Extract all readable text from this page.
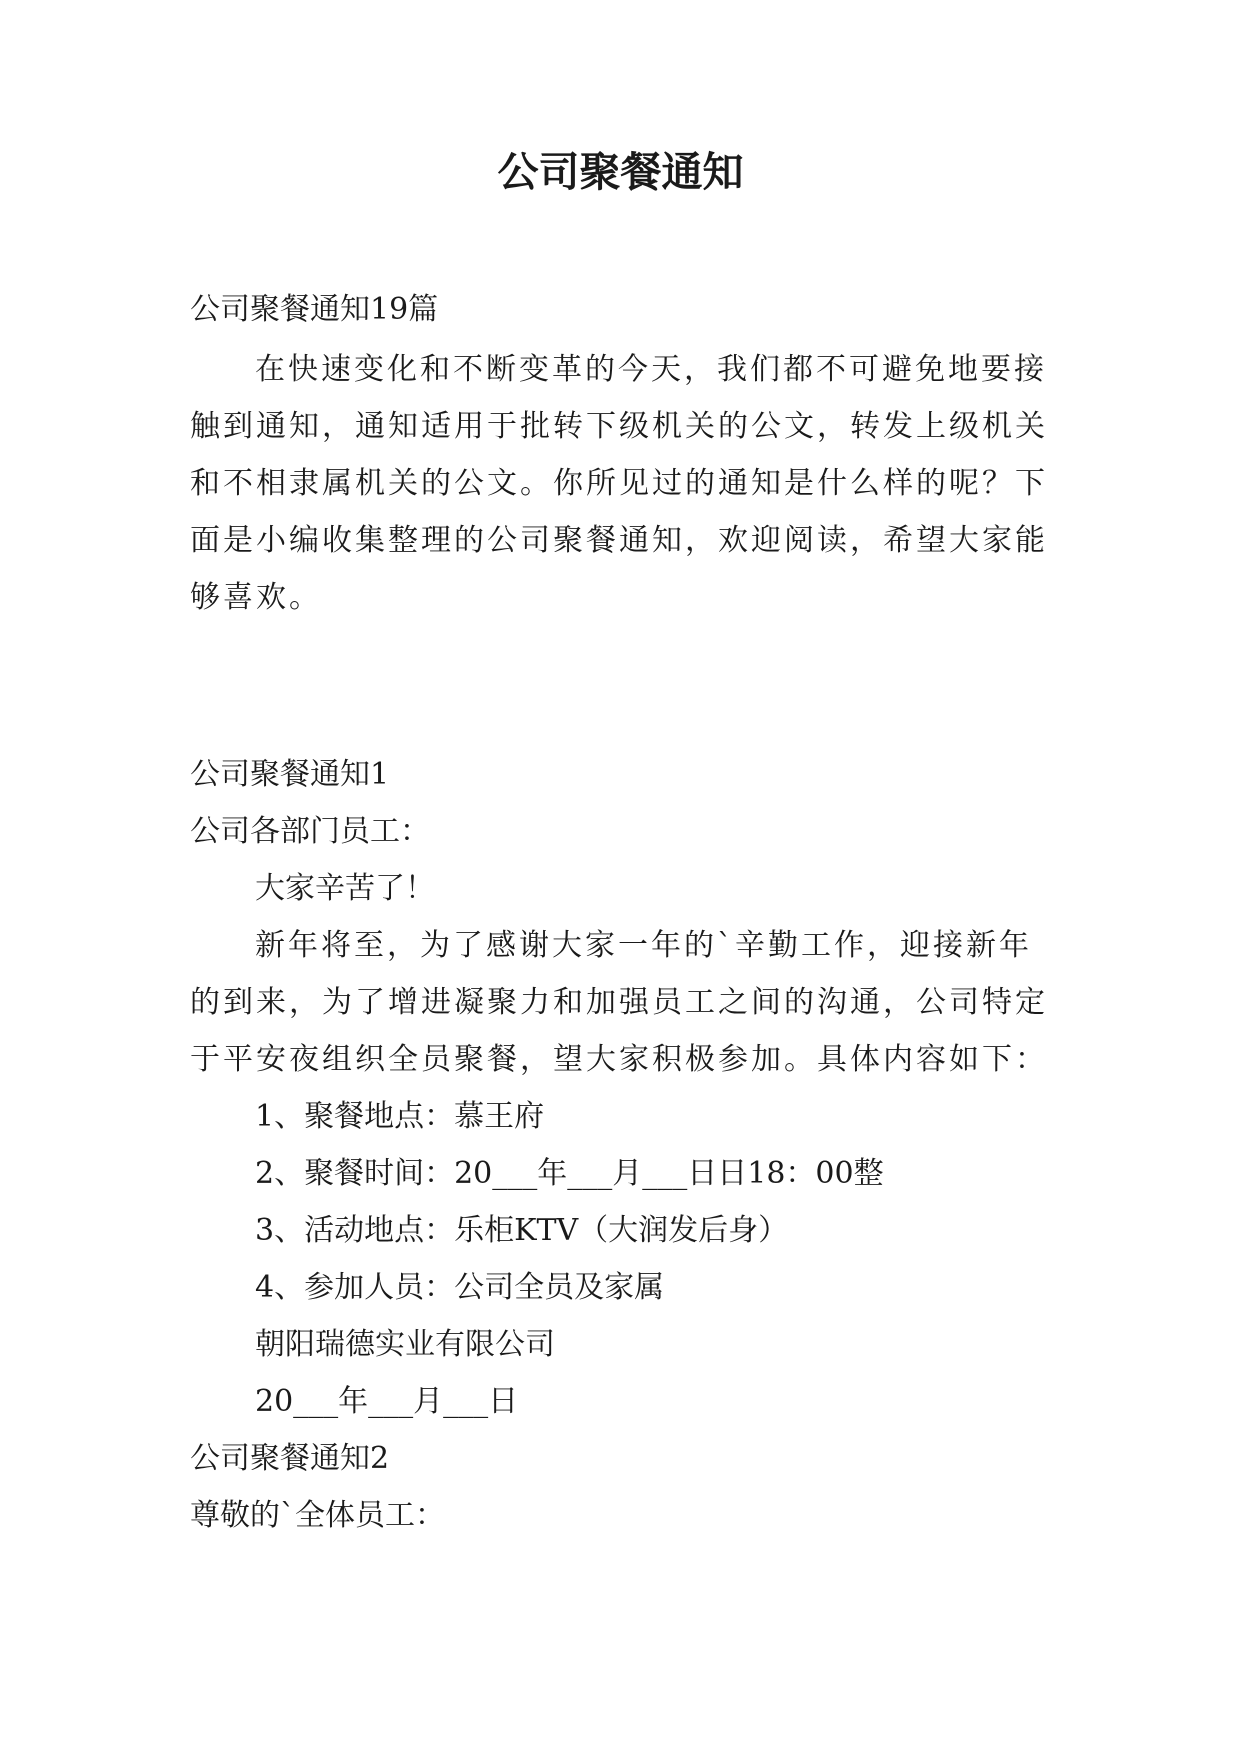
公司聚餐通知
公司聚餐通知19篇
在快速变化和不断变革的今天，我们都不可避免地要接
触到通知，通知适用于批转下级机关的公文，转发上级机关
和不相隶属机关的公文。你所见过的通知是什么样的呢？下
面是小编收集整理的公司聚餐通知，欢迎阅读，希望大家能
够喜欢。
公司聚餐通知1
公司各部门员工：
大家辛苦了！
新年将至，为了感谢大家一年的`辛勤工作，迎接新年
的到来，为了增进凝聚力和加强员工之间的沟通，公司特定
于平安夜组织全员聚餐，望大家积极参加。具体内容如下：
1、聚餐地点：慕王府
2、聚餐时间：20___年___月___日日18：00整
3、活动地点：乐柜KTV（大润发后身）
4、参加人员：公司全员及家属
朝阳瑞德实业有限公司
20___年___月___日
公司聚餐通知2
尊敬的`全体员工：
